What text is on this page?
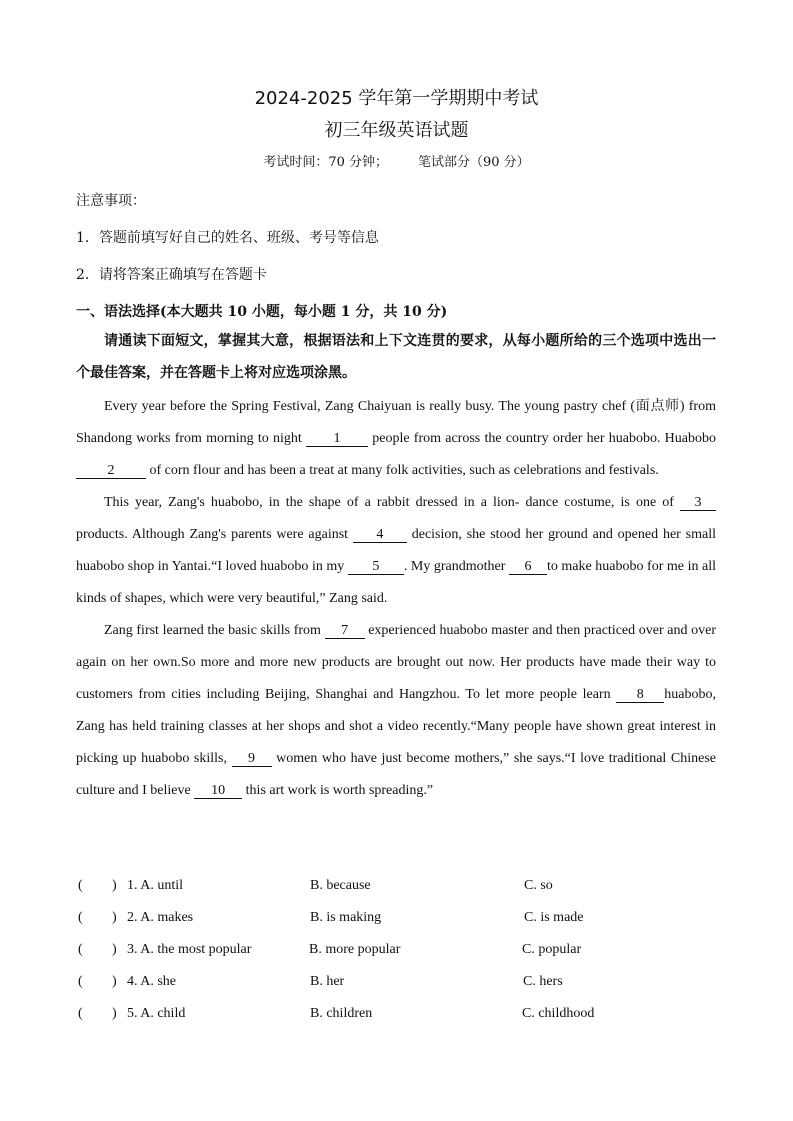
2024-2025 学年第一学期期中考试
初三年级英语试题
考试时间：70 分钟； 笔试部分（90 分）
注意事项：
1．答题前填写好自己的姓名、班级、考号等信息
2．请将答案正确填写在答题卡
一、语法选择(本大题共 10 小题，每小题 1 分，共 10 分)

请通读下面短文，掌握其大意，根据语法和上下文连贯的要求，从每小题所给的三个选项中选出一个最佳答案，并在答题卡上将对应选项涂黑。

Every year before the Spring Festival, Zang Chaiyuan is really busy. The young pastry chef (面点师) from Shandong works from morning to night 1 people from across the country order her huabobo. Huabobo 2 of corn flour and has been a treat at many folk activities, such as celebrations and festivals.

This year, Zang's huabobo, in the shape of a rabbit dressed in a lion- dance costume, is one of 3 products. Although Zang's parents were against 4 decision, she stood her ground and opened her small huabobo shop in Yantai.“I loved huabobo in my 5 . My grandmother 6 to make huabobo for me in all kinds of shapes, which were very beautiful,” Zang said.

Zang first learned the basic skills from 7 experienced huabobo master and then practiced over and over again on her own.So more and more new products are brought out now. Her products have made their way to customers from cities including Beijing, Shanghai and Hangzhou. To let more people learn 8 huabobo, Zang has held training classes at her shops and shot a video recently.“Many people have shown great interest in picking up huabobo skills, 9 women who have just become mothers,” she says.“I love traditional Chinese culture and I believe 10 this art work is worth spreading.”

( ) 1. A. until	B. because	C. so
( ) 2. A. makes	B. is making	C. is made
( ) 3. A. the most popular	B. more popular	C. popular
( ) 4. A. she	B. her	C. hers
( ) 5. A. child	B. children	C. childhood
